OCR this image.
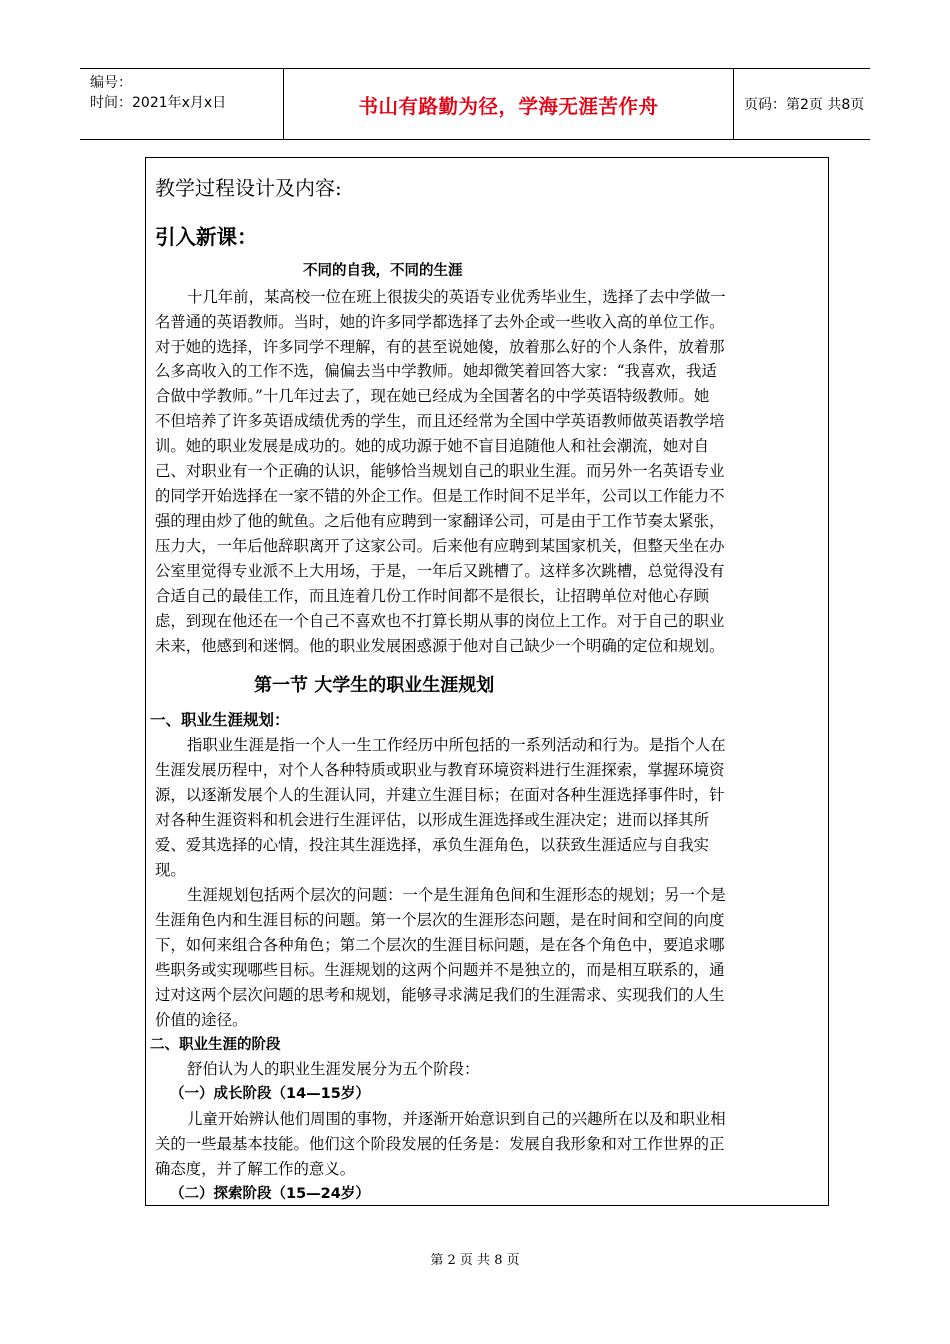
编号：
时间：2021年x月x日	书山有路勤为径，学海无涯苦作舟	页码：第2页 共8页
教学过程设计及内容:
引入新课：
不同的自我，不同的生涯
十几年前，某高校一位在班上很拔尖的英语专业优秀毕业生，选择了去中学做一
名普通的英语教师。当时，她的许多同学都选择了去外企或一些收入高的单位工作。
对于她的选择，许多同学不理解，有的甚至说她傻，放着那么好的个人条件，放着那
么多高收入的工作不选，偏偏去当中学教师。她却微笑着回答大家：“我喜欢，我适
合做中学教师。”十几年过去了，现在她已经成为全国著名的中学英语特级教师。她
不但培养了许多英语成绩优秀的学生，而且还经常为全国中学英语教师做英语教学培
训。她的职业发展是成功的。她的成功源于她不盲目追随他人和社会潮流，她对自
己、对职业有一个正确的认识，能够恰当规划自己的职业生涯。而另外一名英语专业
的同学开始选择在一家不错的外企工作。但是工作时间不足半年，公司以工作能力不
强的理由炒了他的鱿鱼。之后他有应聘到一家翻译公司，可是由于工作节奏太紧张，
压力大，一年后他辞职离开了这家公司。后来他有应聘到某国家机关，但整天坐在办
公室里觉得专业派不上大用场，于是，一年后又跳槽了。这样多次跳槽，总觉得没有
合适自己的最佳工作，而且连着几份工作时间都不是很长，让招聘单位对他心存顾
虑，到现在他还在一个自己不喜欢也不打算长期从事的岗位上工作。对于自己的职业
未来，他感到和迷惘。他的职业发展困惑源于他对自己缺少一个明确的定位和规划。
第一节 大学生的职业生涯规划
一、职业生涯规划：
指职业生涯是指一个人一生工作经历中所包括的一系列活动和行为。是指个人在
生涯发展历程中，对个人各种特质或职业与教育环境资料进行生涯探索，掌握环境资
源，以逐渐发展个人的生涯认同，并建立生涯目标；在面对各种生涯选择事件时，针
对各种生涯资料和机会进行生涯评估，以形成生涯选择或生涯决定；进而以择其所
爱、爱其选择的心情，投注其生涯选择，承负生涯角色，以获致生涯适应与自我实
现。
生涯规划包括两个层次的问题：一个是生涯角色间和生涯形态的规划；另一个是
生涯角色内和生涯目标的问题。第一个层次的生涯形态问题，是在时间和空间的向度
下，如何来组合各种角色；第二个层次的生涯目标问题，是在各个角色中，要追求哪
些职务或实现哪些目标。生涯规划的这两个问题并不是独立的，而是相互联系的，通
过对这两个层次问题的思考和规划，能够寻求满足我们的生涯需求、实现我们的人生
价值的途径。
二、职业生涯的阶段
舒伯认为人的职业生涯发展分为五个阶段：
（一）成长阶段（14—15岁）
儿童开始辨认他们周围的事物，并逐渐开始意识到自己的兴趣所在以及和职业相
关的一些最基本技能。他们这个阶段发展的任务是：发展自我形象和对工作世界的正
确态度，并了解工作的意义。
（二）探索阶段（15—24岁）
第 2 页 共 8 页
